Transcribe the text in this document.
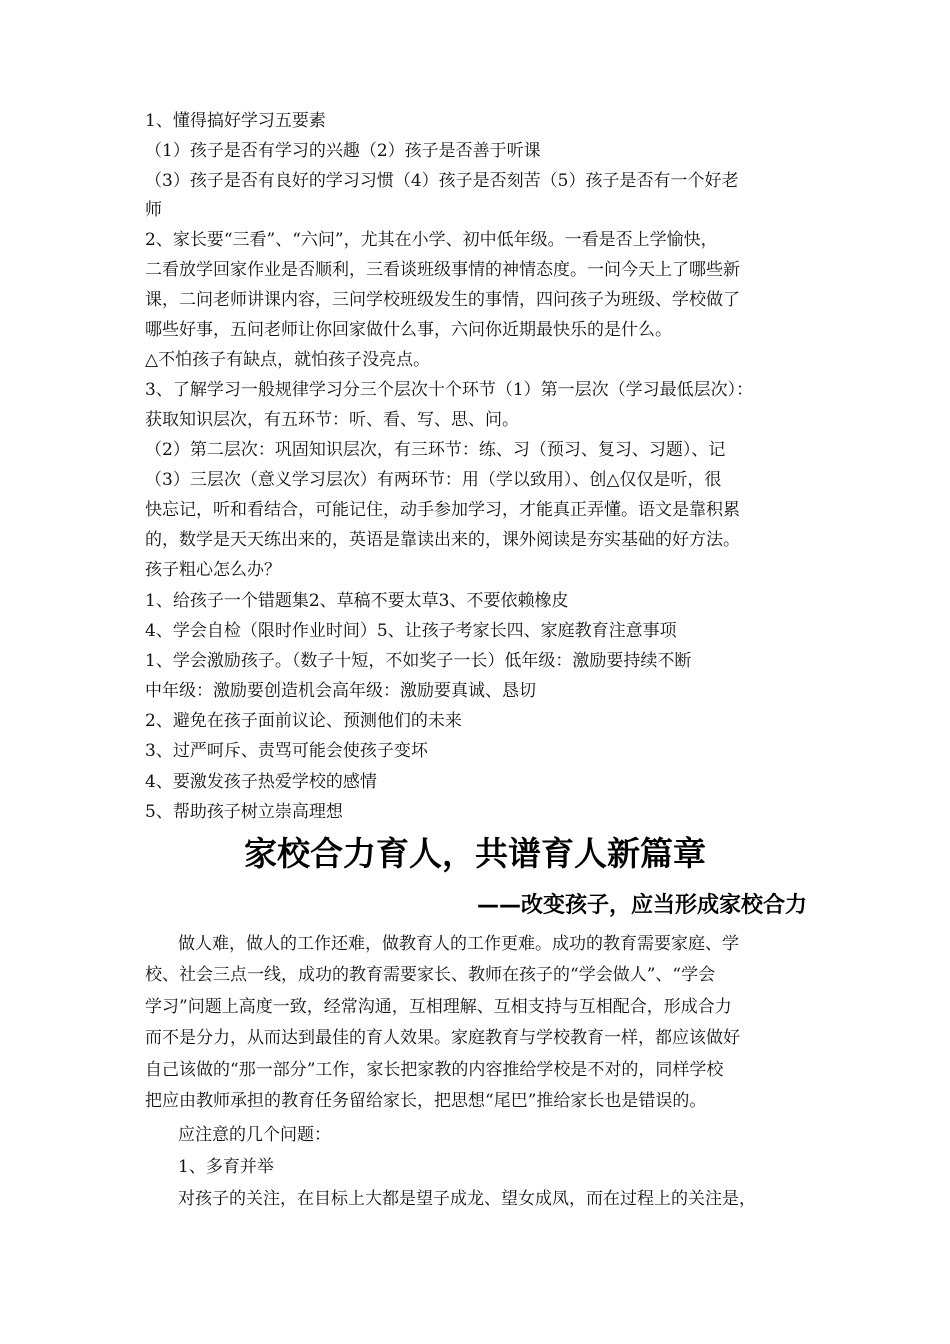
1、懂得搞好学习五要素
（1）孩子是否有学习的兴趣（2）孩子是否善于听课
（3）孩子是否有良好的学习习惯（4）孩子是否刻苦（5）孩子是否有一个好老
师
2、家长要“三看”、“六问”，尤其在小学、初中低年级。一看是否上学愉快，
二看放学回家作业是否顺利，三看谈班级事情的神情态度。一问今天上了哪些新
课，二问老师讲课内容，三问学校班级发生的事情，四问孩子为班级、学校做了
哪些好事，五问老师让你回家做什么事，六问你近期最快乐的是什么。
△不怕孩子有缺点，就怕孩子没亮点。
3、了解学习一般规律学习分三个层次十个环节（1）第一层次（学习最低层次）：
获取知识层次，有五环节：听、看、写、思、问。
（2）第二层次：巩固知识层次，有三环节：练、习（预习、复习、习题）、记
（3）三层次（意义学习层次）有两环节：用（学以致用）、创△仅仅是听，很
快忘记，听和看结合，可能记住，动手参加学习，才能真正弄懂。语文是靠积累
的，数学是天天练出来的，英语是靠读出来的，课外阅读是夯实基础的好方法。
孩子粗心怎么办？
1、给孩子一个错题集2、草稿不要太草3、不要依赖橡皮
4、学会自检（限时作业时间）5、让孩子考家长四、家庭教育注意事项
1、学会激励孩子。（数子十短，不如奖子一长）低年级：激励要持续不断
中年级：激励要创造机会高年级：激励要真诚、恳切
2、避免在孩子面前议论、预测他们的未来
3、过严呵斥、责骂可能会使孩子变坏
4、要激发孩子热爱学校的感情
5、帮助孩子树立崇高理想
家校合力育人，共谱育人新篇章
——改变孩子，应当形成家校合力
做人难，做人的工作还难，做教育人的工作更难。成功的教育需要家庭、学
校、社会三点一线，成功的教育需要家长、教师在孩子的“学会做人”、“学会
学习”问题上高度一致，经常沟通，互相理解、互相支持与互相配合，形成合力
而不是分力，从而达到最佳的育人效果。家庭教育与学校教育一样，都应该做好
自己该做的“那一部分”工作，家长把家教的内容推给学校是不对的，同样学校
把应由教师承担的教育任务留给家长，把思想“尾巴”推给家长也是错误的。
应注意的几个问题：
1、多育并举
对孩子的关注，在目标上大都是望子成龙、望女成凤，而在过程上的关注是，
